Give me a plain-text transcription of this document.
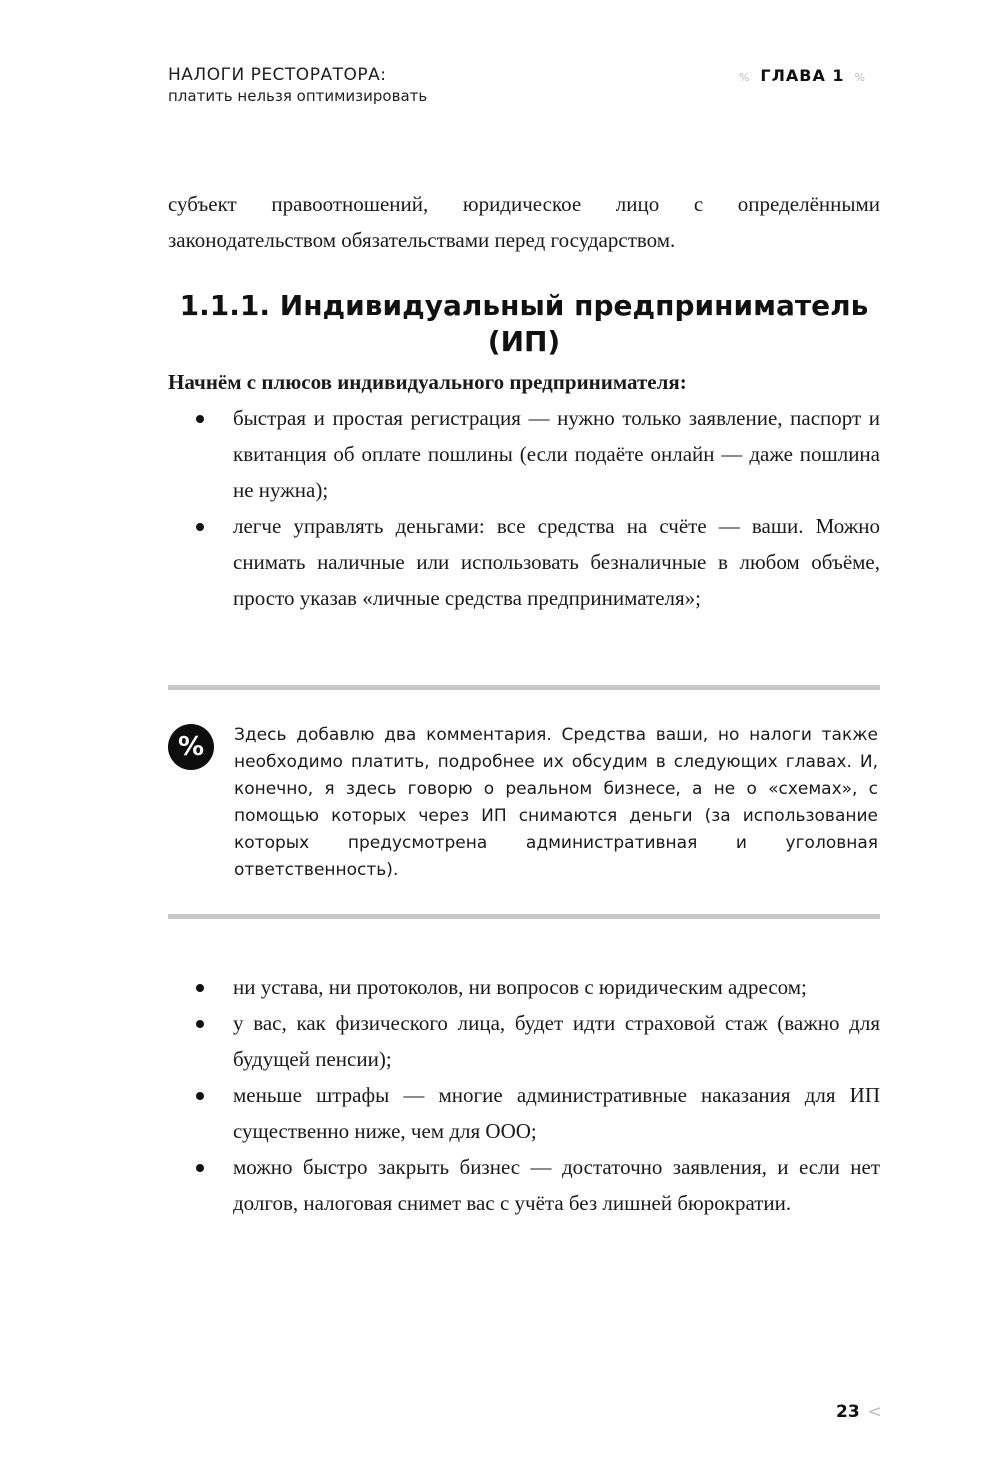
НАЛОГИ РЕСТОРАТОРА:
платить нельзя оптимизировать
% ГЛАВА 1 %
субъект правоотношений, юридическое лицо с определёнными законодательством обязательствами перед государством.
1.1.1. Индивидуальный предприниматель
(ИП)
Начнём с плюсов индивидуального предпринимателя:
быстрая и простая регистрация — нужно только заявление, паспорт и квитанция об оплате пошлины (если подаёте онлайн — даже пошлина не нужна);
легче управлять деньгами: все средства на счёте — ваши. Можно снимать наличные или использовать безналичные в любом объёме, просто указав «личные средства предпринимателя»;
%	Здесь добавлю два комментария. Средства ваши, но налоги также необходимо платить, подробнее их обсудим в следующих главах. И, конечно, я здесь говорю о реальном бизнесе, а не о «схемах», с помощью которых через ИП снимаются деньги (за использование которых предусмотрена административная и уголовная ответственность).
ни устава, ни протоколов, ни вопросов с юридическим адресом;
у вас, как физического лица, будет идти страховой стаж (важно для будущей пенсии);
меньше штрафы — многие административные наказания для ИП существенно ниже, чем для ООО;
можно быстро закрыть бизнес — достаточно заявления, и если нет долгов, налоговая снимет вас с учёта без лишней бюрократии.
23 <
